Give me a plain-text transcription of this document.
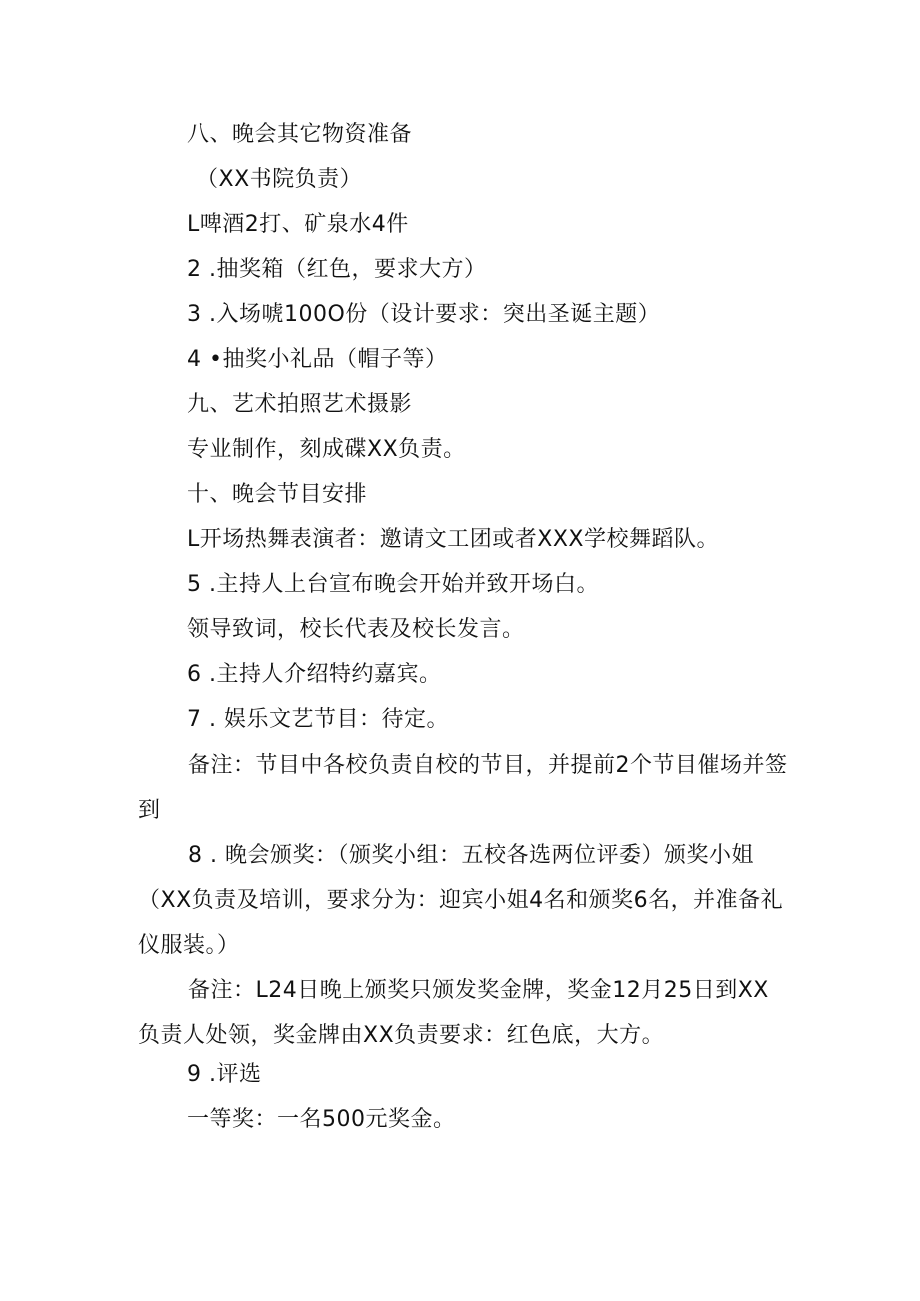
八、晚会其它物资准备
（XX书院负责）
L啤酒2打、矿泉水4件
2 .抽奖箱（红色，要求大方）
3 .入场唬100O份（设计要求：突出圣诞主题）
4 •抽奖小礼品（帽子等）
九、艺术拍照艺术摄影
专业制作，刻成碟XX负责。
十、晚会节目安排
L开场热舞表演者：邀请文工团或者XXX学校舞蹈队。
5 .主持人上台宣布晚会开始并致开场白。
领导致词，校长代表及校长发言。
6 .主持人介绍特约嘉宾。
7 . 娱乐文艺节目：待定。
备注：节目中各校负责自校的节目，并提前2个节目催场并签到
8 . 晚会颁奖：（颁奖小组：五校各选两位评委）颁奖小姐（XX负责及培训，要求分为：迎宾小姐4名和颁奖6名，并准备礼仪服装。）
备注：L24日晚上颁奖只颁发奖金牌，奖金12月25日到XX负责人处领，奖金牌由XX负责要求：红色底，大方。
9 .评选
一等奖：一名500元奖金。
